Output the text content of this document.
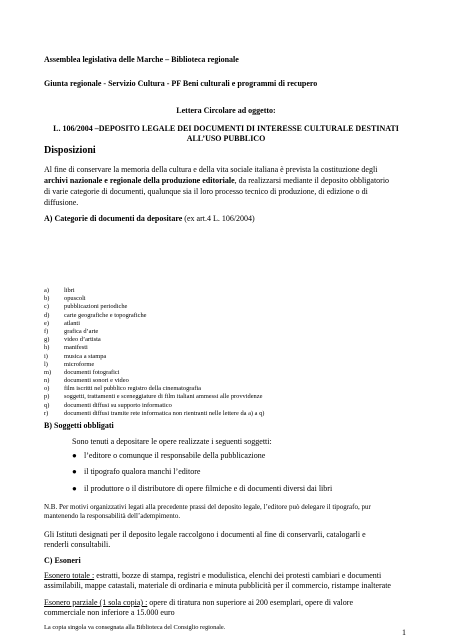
Assemblea legislativa delle Marche – Biblioteca regionale
Giunta regionale - Servizio Cultura - PF Beni culturali e programmi di recupero
Lettera Circolare ad oggetto:
L. 106/2004 –DEPOSITO LEGALE DEI DOCUMENTI DI INTERESSE CULTURALE DESTINATI
ALL’USO PUBBLICO
Disposizioni
Al fine di conservare la memoria della cultura e della vita sociale italiana è prevista la costituzione degli
archivi nazionale e regionale della produzione editoriale, da realizzarsi mediante il deposito obbligatorio
di varie categorie di documenti, qualunque sia il loro processo tecnico di produzione, di edizione o di
diffusione.
A) Categorie di documenti da depositare (ex art.4 L. 106/2004)
a) libri
b) opuscoli
c) pubblicazioni periodiche
d) carte geografiche e topografiche
e) atlanti
f) grafica d’arte
g) video d’artista
h) manifesti
i)	musica a stampa
l)	microforme
m) documenti fotografici
n) documenti sonori e video
o) film iscritti nel pubblico registro della cinematografia
p) soggetti, trattamenti e sceneggiature di film italiani ammessi alle provvidenze
q) documenti diffusi su supporto informatico
r) documenti diffusi tramite rete informatica non rientranti nelle lettere da a) a q)
B) Soggetti obbligati
Sono tenuti a depositare le opere realizzate i seguenti soggetti:
● l’editore o comunque il responsabile della pubblicazione
● il tipografo qualora manchi l’editore
● il produttore o il distributore di opere filmiche e di documenti diversi dai libri
N.B. Per motivi organizzativi legati alla precedente prassi del deposito legale, l’editore può delegare il tipografo, pur
mantenendo la responsabilità dell’adempimento.
Gli Istituti designati per il deposito legale raccolgono i documenti al fine di conservarli, catalogarli e
renderli consultabili.
C) Esoneri
Esonero totale : estratti, bozze di stampa, registri e modulistica, elenchi dei protesti cambiari e documenti
assimilabili, mappe catastali, materiale di ordinaria e minuta pubblicità per il commercio, ristampe inalterate
Esonero parziale (1 sola copia) : opere di tiratura non superiore ai 200 esemplari, opere di valore
commerciale non inferiore a 15.000 euro
La copia singola va consegnata alla Biblioteca del Consiglio regionale.
1
